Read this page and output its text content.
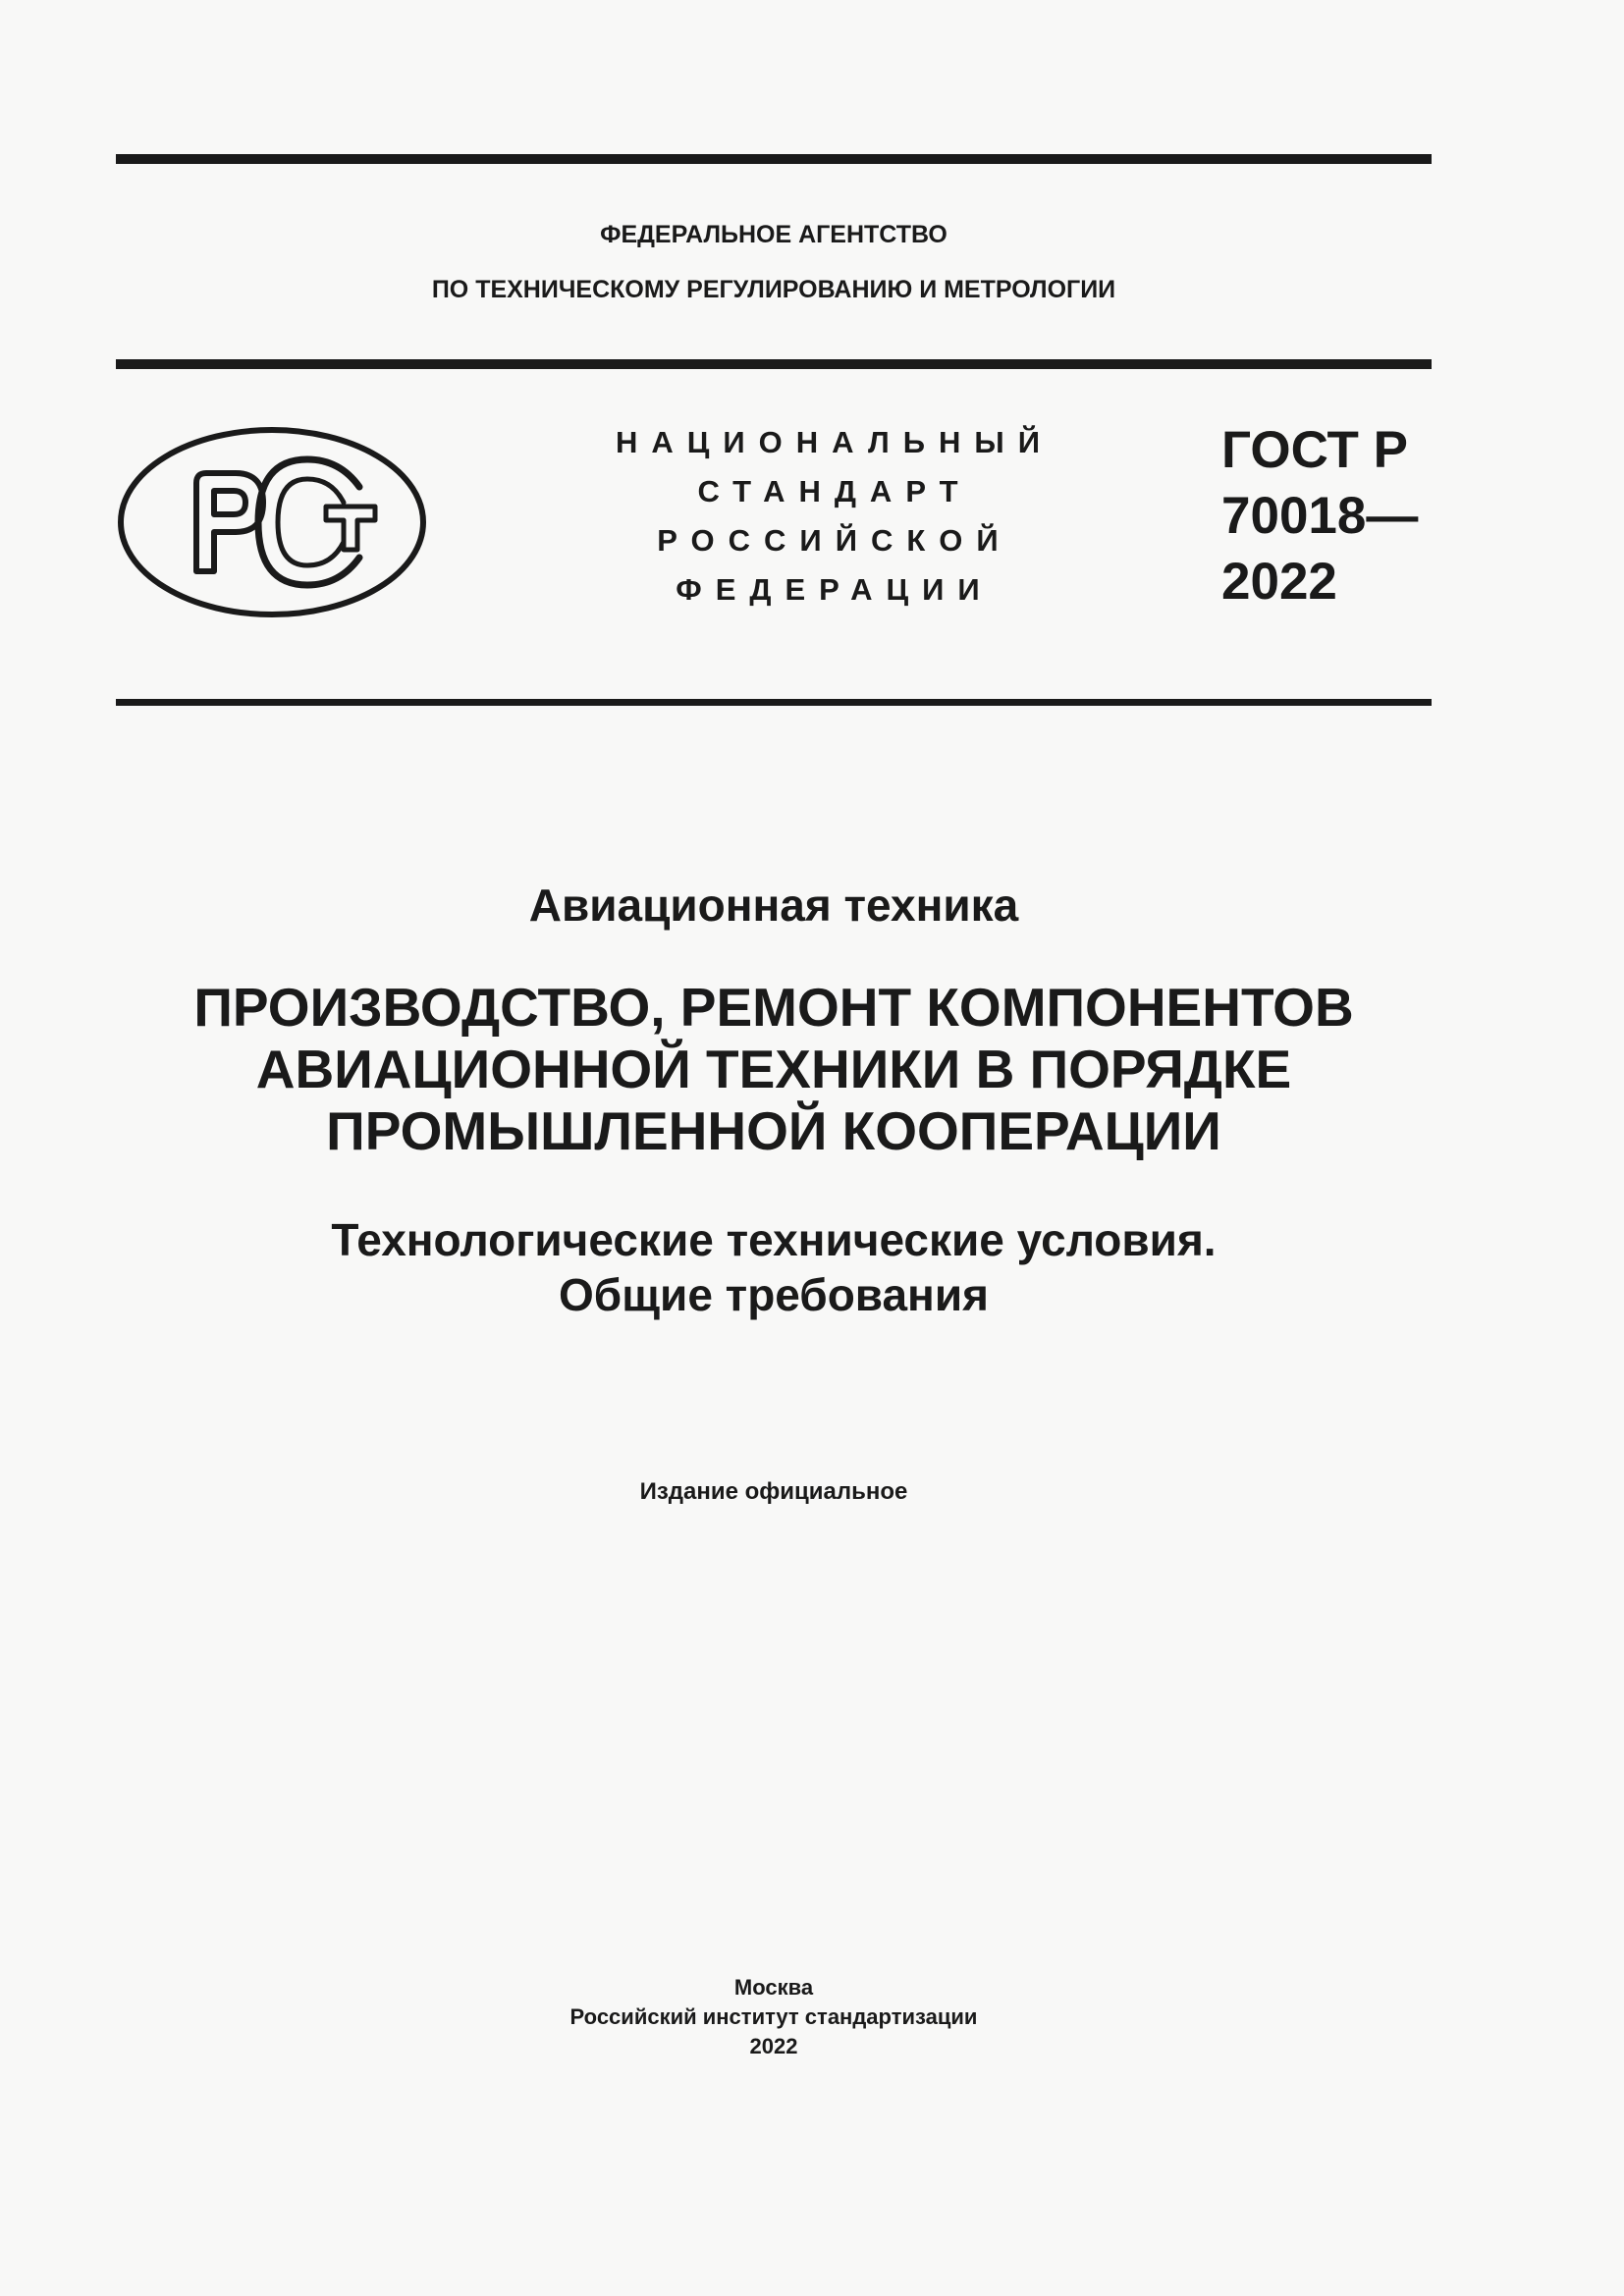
ФЕДЕРАЛЬНОЕ АГЕНТСТВО
ПО ТЕХНИЧЕСКОМУ РЕГУЛИРОВАНИЮ И МЕТРОЛОГИИ
НАЦИОНАЛЬНЫЙ
СТАНДАРТ
РОССИЙСКОЙ
ФЕДЕРАЦИИ
ГОСТ Р
70018—
2022
Авиационная техника
ПРОИЗВОДСТВО, РЕМОНТ КОМПОНЕНТОВ
АВИАЦИОННОЙ ТЕХНИКИ В ПОРЯДКЕ
ПРОМЫШЛЕННОЙ КООПЕРАЦИИ
Технологические технические условия.
Общие требования
Издание официальное
Москва
Российский институт стандартизации
2022
